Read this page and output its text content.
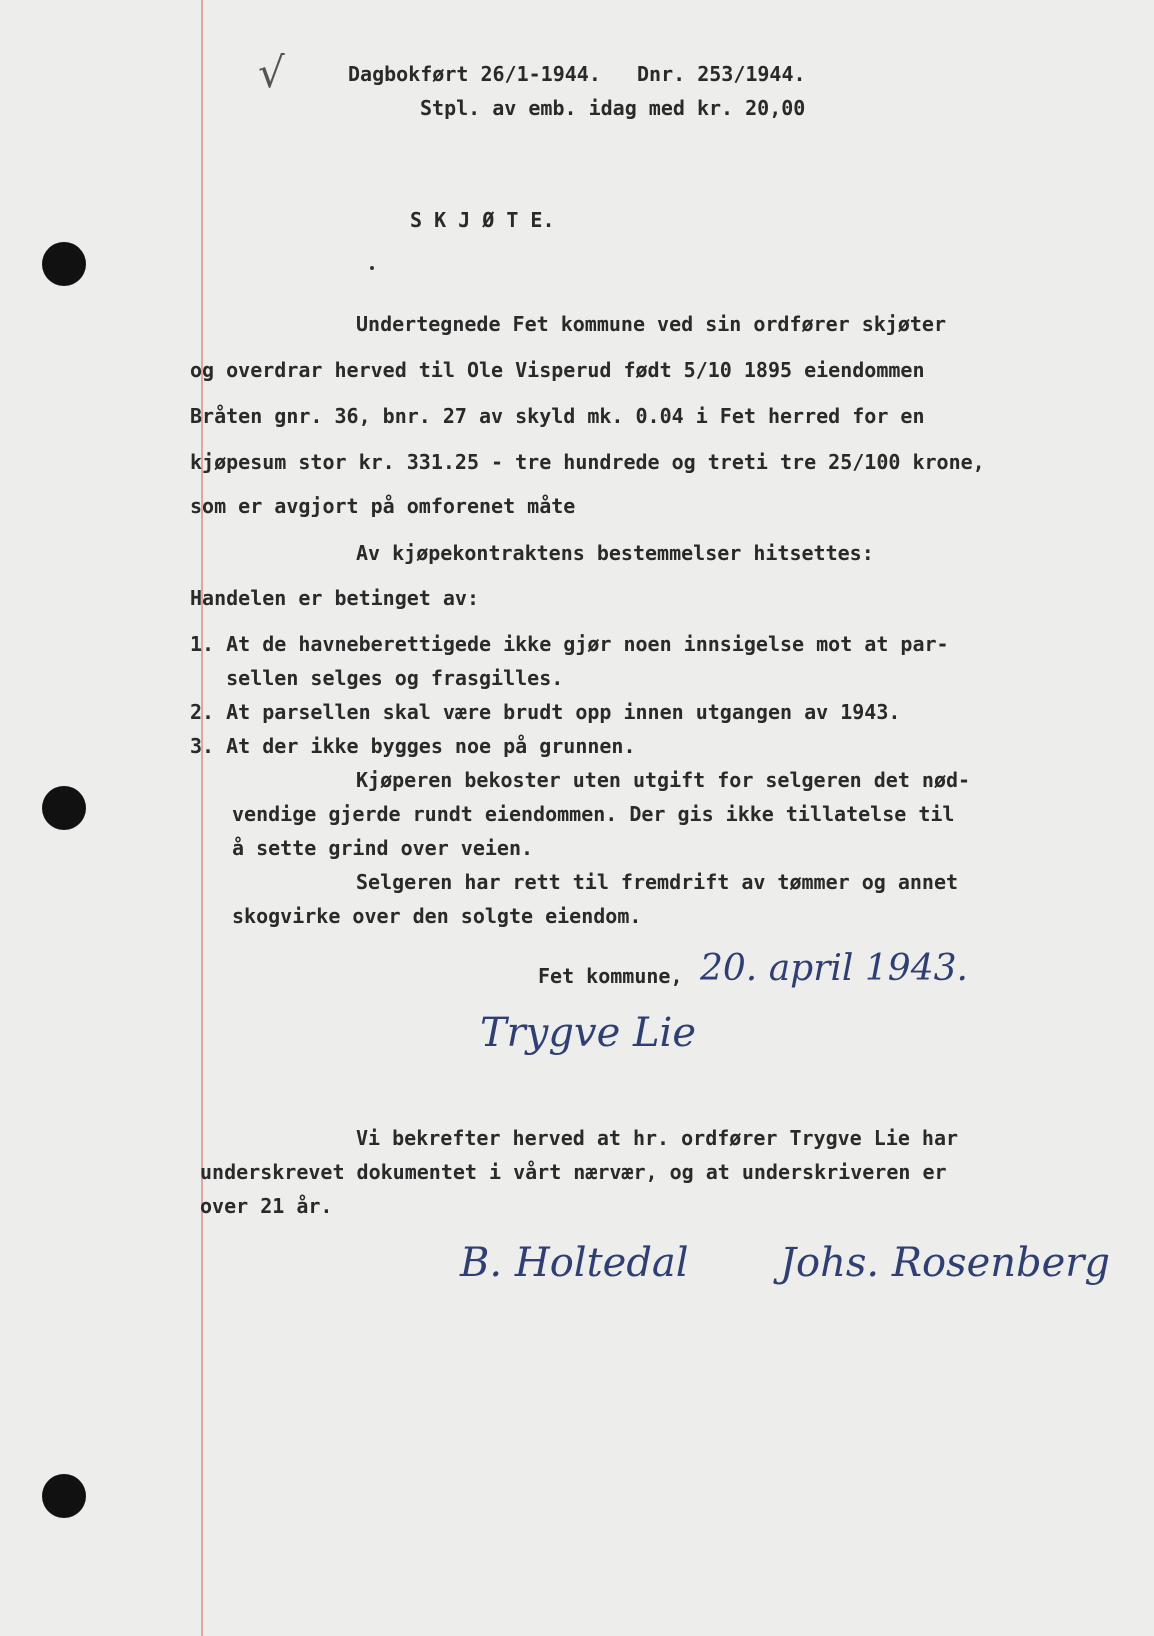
√	Dagbokført 26/1-1944.   Dnr. 253/1944.
Stpl. av emb. idag med kr. 20,00
S K J Ø T E.
Undertegnede Fet kommune ved sin ordfører skjøter
og overdrar herved til Ole Visperud født 5/10 1895 eiendommen
Bråten gnr. 36, bnr. 27 av skyld mk. 0.04 i Fet herred for en
kjøpesum stor kr. 331.25 - tre hundrede og treti tre 25/100 krone,
som er avgjort på omforenet måte
Av kjøpekontraktens bestemmelser hitsettes:
Handelen er betinget av:
1. At de havneberettigede ikke gjør noen innsigelse mot at par-
sellen selges og frasgilles.
2. At parsellen skal være brudt opp innen utgangen av 1943.
3. At der ikke bygges noe på grunnen.
Kjøperen bekoster uten utgift for selgeren det nød-
vendige gjerde rundt eiendommen. Der gis ikke tillatelse til
å sette grind over veien.
Selgeren har rett til fremdrift av tømmer og annet
skogvirke over den solgte eiendom.
Fet kommune, 20. april 1943.
Trygve Lie
Vi bekrefter herved at hr. ordfører Trygve Lie har
underskrevet dokumentet i vårt nærvær, og at underskriveren er
over 21 år.
B. Holtedal Johs. Rosenberg
